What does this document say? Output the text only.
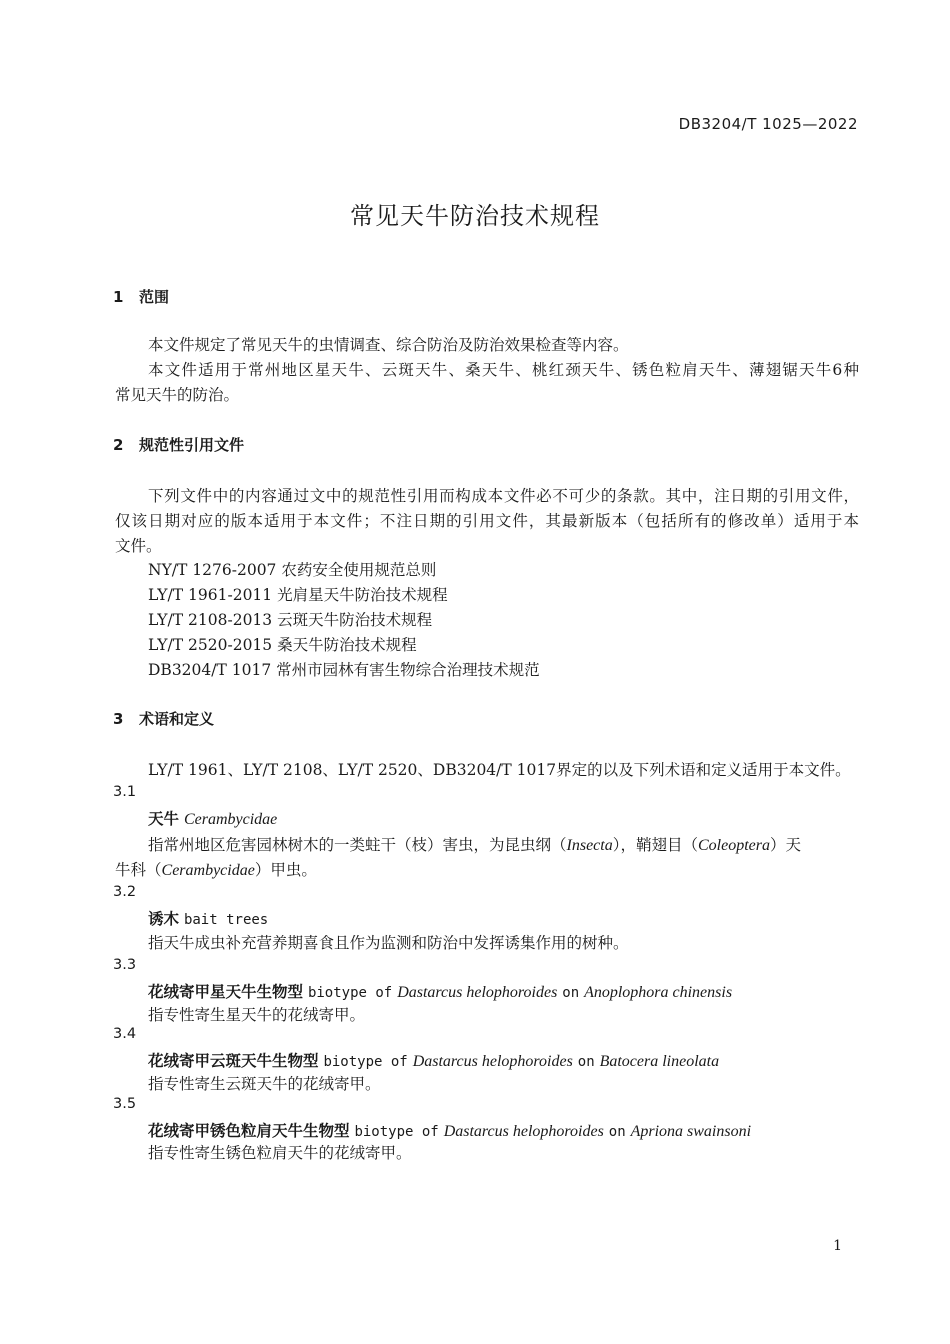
DB3204/T 1025—2022
常见天牛防治技术规程
1 范围
本文件规定了常见天牛的虫情调查、综合防治及防治效果检查等内容。
本文件适用于常州地区星天牛、云斑天牛、桑天牛、桃红颈天牛、锈色粒肩天牛、薄翅锯天牛6种
常见天牛的防治。
2 规范性引用文件
下列文件中的内容通过文中的规范性引用而构成本文件必不可少的条款。其中，注日期的引用文件，
仅该日期对应的版本适用于本文件；不注日期的引用文件，其最新版本（包括所有的修改单）适用于本
文件。
NY/T 1276-2007 农药安全使用规范总则
LY/T 1961-2011 光肩星天牛防治技术规程
LY/T 2108-2013 云斑天牛防治技术规程
LY/T 2520-2015 桑天牛防治技术规程
DB3204/T 1017 常州市园林有害生物综合治理技术规范
3 术语和定义
LY/T 1961、LY/T 2108、LY/T 2520、DB3204/T 1017界定的以及下列术语和定义适用于本文件。
3.1
天牛 Cerambycidae
指常州地区危害园林树木的一类蛀干（枝）害虫，为昆虫纲（Insecta），鞘翅目（Coleoptera）天
牛科（Cerambycidae）甲虫。
3.2
诱木 bait trees
指天牛成虫补充营养期喜食且作为监测和防治中发挥诱集作用的树种。
3.3
花绒寄甲星天牛生物型 biotype of Dastarcus helophoroides on Anoplophora chinensis
指专性寄生星天牛的花绒寄甲。
3.4
花绒寄甲云斑天牛生物型 biotype of Dastarcus helophoroides on Batocera lineolata
指专性寄生云斑天牛的花绒寄甲。
3.5
花绒寄甲锈色粒肩天牛生物型 biotype of Dastarcus helophoroides on Apriona swainsoni
指专性寄生锈色粒肩天牛的花绒寄甲。
1
